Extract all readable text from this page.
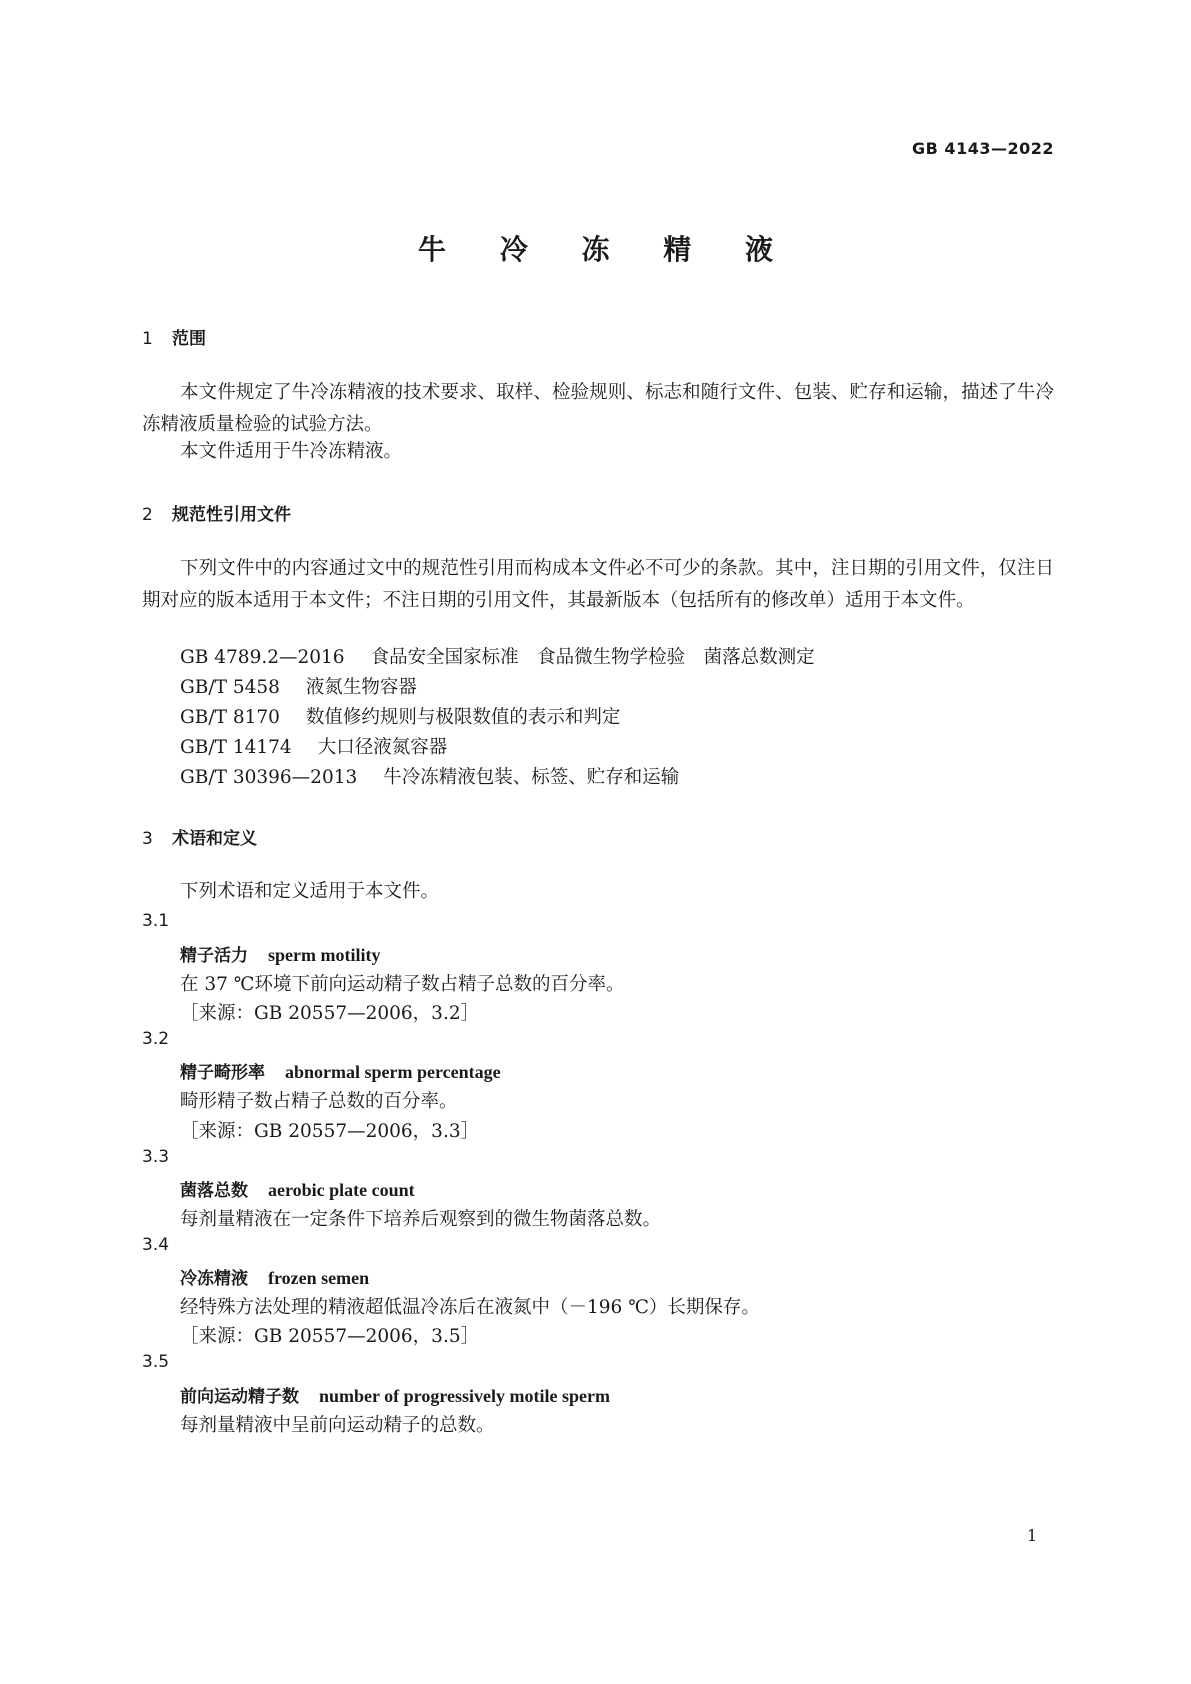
GB 4143—2022
牛 冷 冻 精 液
1 范围
本文件规定了牛冷冻精液的技术要求、取样、检验规则、标志和随行文件、包装、贮存和运输，描述了牛冷冻精液质量检验的试验方法。
本文件适用于牛冷冻精液。
2 规范性引用文件
下列文件中的内容通过文中的规范性引用而构成本文件必不可少的条款。其中，注日期的引用文件，仅注日期对应的版本适用于本文件；不注日期的引用文件，其最新版本（包括所有的修改单）适用于本文件。
GB 4789.2—2016 食品安全国家标准　食品微生物学检验　菌落总数测定
GB/T 5458 液氮生物容器
GB/T 8170 数值修约规则与极限数值的表示和判定
GB/T 14174 大口径液氮容器
GB/T 30396—2013 牛冷冻精液包装、标签、贮存和运输
3 术语和定义
下列术语和定义适用于本文件。
3.1
精子活力 sperm motility
在 37 ℃环境下前向运动精子数占精子总数的百分率。
［来源：GB 20557—2006，3.2］
3.2
精子畸形率 abnormal sperm percentage
畸形精子数占精子总数的百分率。
［来源：GB 20557—2006，3.3］
3.3
菌落总数 aerobic plate count
每剂量精液在一定条件下培养后观察到的微生物菌落总数。
3.4
冷冻精液 frozen semen
经特殊方法处理的精液超低温冷冻后在液氮中（－196 ℃）长期保存。
［来源：GB 20557—2006，3.5］
3.5
前向运动精子数 number of progressively motile sperm
每剂量精液中呈前向运动精子的总数。
1
